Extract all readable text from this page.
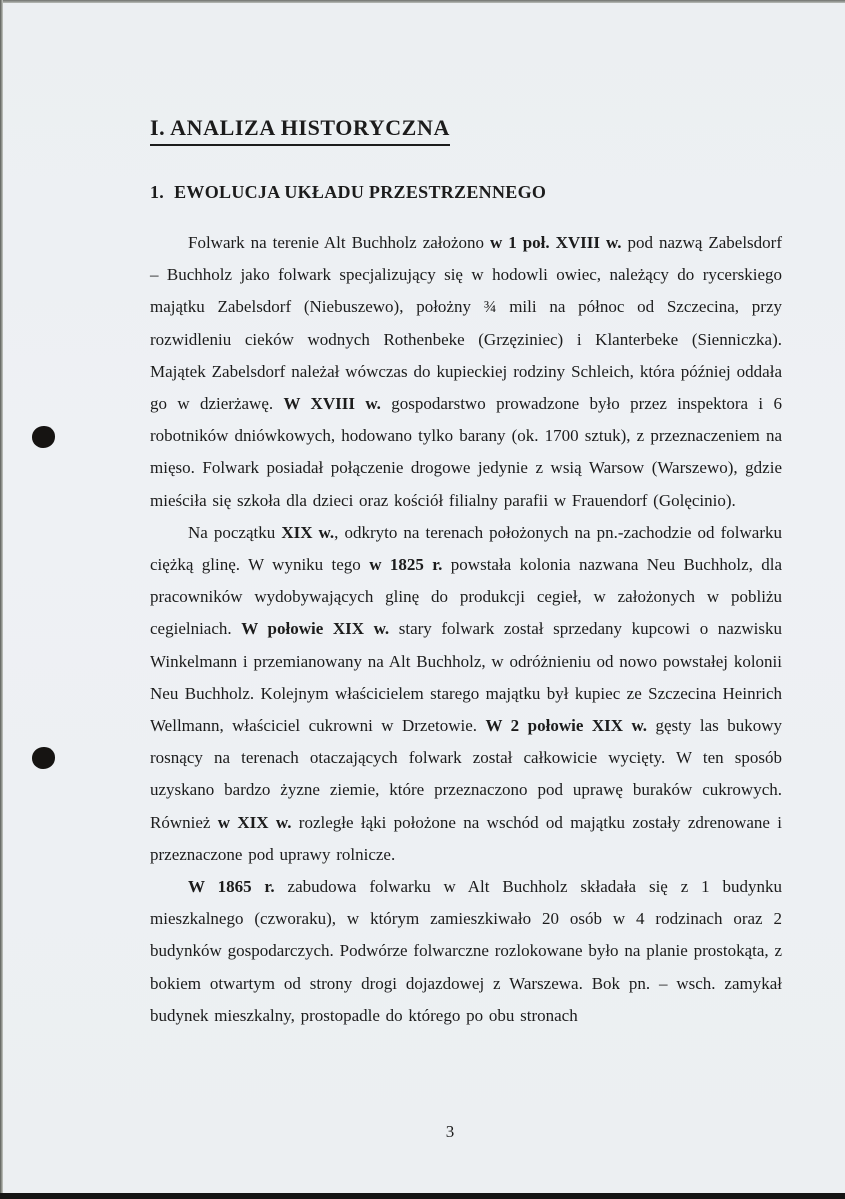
I. ANALIZA HISTORYCZNA
1. EWOLUCJA UKŁADU PRZESTRZENNEGO

Folwark na terenie Alt Buchholz założono w 1 poł. XVIII w. pod nazwą Zabelsdorf – Buchholz jako folwark specjalizujący się w hodowli owiec, należący do rycerskiego majątku Zabelsdorf (Niebuszewo), położny ¾ mili na północ od Szczecina, przy rozwidleniu cieków wodnych Rothenbeke (Grzęziniec) i Klanterbeke (Sienniczka). Majątek Zabelsdorf należał wówczas do kupieckiej rodziny Schleich, która później oddała go w dzierżawę. W XVIII w. gospodarstwo prowadzone było przez inspektora i 6 robotników dniówkowych, hodowano tylko barany (ok. 1700 sztuk), z przeznaczeniem na mięso. Folwark posiadał połączenie drogowe jedynie z wsią Warsow (Warszewo), gdzie mieściła się szkoła dla dzieci oraz kościół filialny parafii w Frauendorf (Golęcinio).

Na początku XIX w., odkryto na terenach położonych na pn.-zachodzie od folwarku ciężką glinę. W wyniku tego w 1825 r. powstała kolonia nazwana Neu Buchholz, dla pracowników wydobywających glinę do produkcji cegieł, w założonych w pobliżu cegielniach. W połowie XIX w. stary folwark został sprzedany kupcowi o nazwisku Winkelmann i przemianowany na Alt Buchholz, w odróżnieniu od nowo powstałej kolonii Neu Buchholz. Kolejnym właścicielem starego majątku był kupiec ze Szczecina Heinrich Wellmann, właściciel cukrowni w Drzetowie. W 2 połowie XIX w. gęsty las bukowy rosnący na terenach otaczających folwark został całkowicie wycięty. W ten sposób uzyskano bardzo żyzne ziemie, które przeznaczono pod uprawę buraków cukrowych. Również w XIX w. rozległe łąki położone na wschód od majątku zostały zdrenowane i przeznaczone pod uprawy rolnicze.

W 1865 r. zabudowa folwarku w Alt Buchholz składała się z 1 budynku mieszkalnego (czworaku), w którym zamieszkiwało 20 osób w 4 rodzinach oraz 2 budynków gospodarczych. Podwórze folwarczne rozlokowane było na planie prostokąta, z bokiem otwartym od strony drogi dojazdowej z Warszewa. Bok pn. – wsch. zamykał budynek mieszkalny, prostopadle do którego po obu stronach

3
